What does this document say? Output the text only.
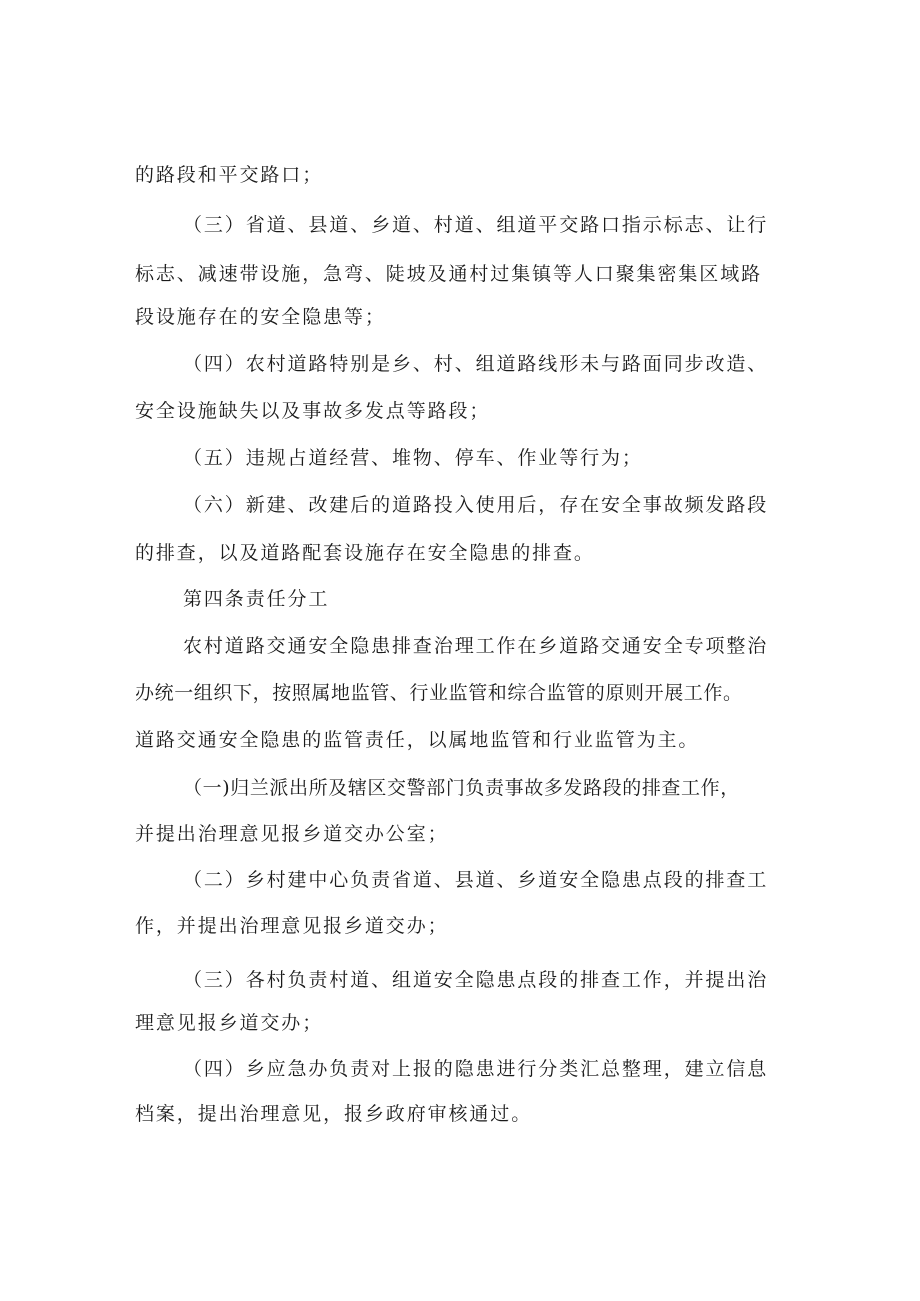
的路段和平交路口；
（三）省道、县道、乡道、村道、组道平交路口指示标志、让行
标志、减速带设施，急弯、陡坡及通村过集镇等人口聚集密集区域路
段设施存在的安全隐患等；
（四）农村道路特别是乡、村、组道路线形未与路面同步改造、
安全设施缺失以及事故多发点等路段；
（五）违规占道经营、堆物、停车、作业等行为；
（六）新建、改建后的道路投入使用后，存在安全事故频发路段
的排查，以及道路配套设施存在安全隐患的排查。
第四条责任分工
农村道路交通安全隐患排查治理工作在乡道路交通安全专项整治
办统一组织下，按照属地监管、行业监管和综合监管的原则开展工作。
道路交通安全隐患的监管责任，以属地监管和行业监管为主。
（一)归兰派出所及辖区交警部门负责事故多发路段的排查工作，
并提出治理意见报乡道交办公室；
（二）乡村建中心负责省道、县道、乡道安全隐患点段的排查工
作，并提出治理意见报乡道交办；
（三）各村负责村道、组道安全隐患点段的排查工作，并提出治
理意见报乡道交办；
（四）乡应急办负责对上报的隐患进行分类汇总整理，建立信息
档案，提出治理意见，报乡政府审核通过。
